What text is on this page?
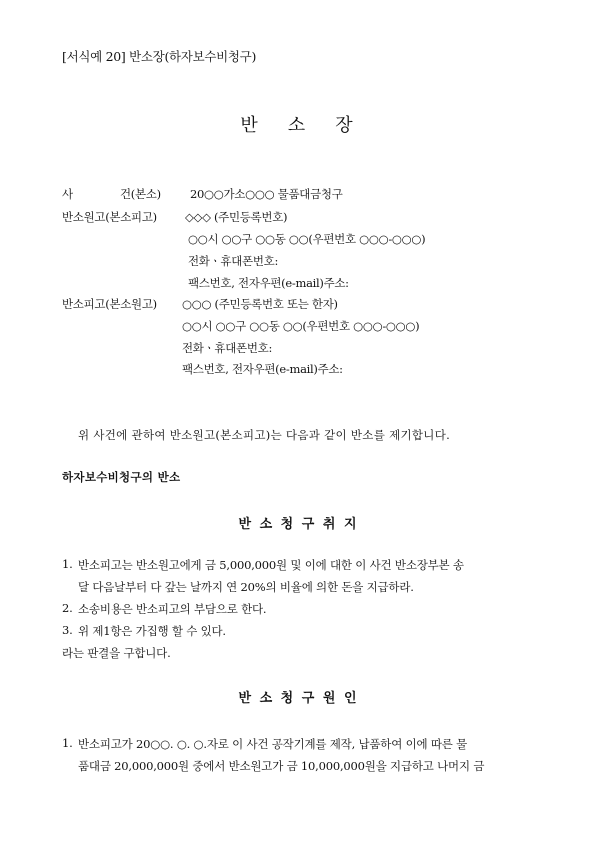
[서식예 20] 반소장(하자보수비청구)
반 소 장
사	건(본소)	20○○가소○○○ 물품대금청구
반소원고(본소피고) ◇◇◇ (주민등록번호)
○○시 ○○구 ○○동 ○○(우편번호 ○○○-○○○)
전화ㆍ휴대폰번호:
팩스번호, 전자우편(e-mail)주소:
반소피고(본소원고) ○○○ (주민등록번호 또는 한자)
○○시 ○○구 ○○동 ○○(우편번호 ○○○-○○○)
전화ㆍ휴대폰번호:
팩스번호, 전자우편(e-mail)주소:
위 사건에 관하여 반소원고(본소피고)는 다음과 같이 반소를 제기합니다.
하자보수비청구의 반소
반 소 청 구 취 지
1. 반소피고는 반소원고에게 금 5,000,000원 및 이에 대한 이 사건 반소장부본 송
달 다음날부터 다 갚는 날까지 연 20%의 비율에 의한 돈을 지급하라.
2. 소송비용은 반소피고의 부담으로 한다.
3. 위 제1항은 가집행 할 수 있다.
라는 판결을 구합니다.
반 소 청 구 원 인
1. 반소피고가 20○○. ○. ○.자로 이 사건 공작기계를 제작, 납품하여 이에 따른 물
품대금 20,000,000원 중에서 반소원고가 금 10,000,000원을 지급하고 나머지 금
